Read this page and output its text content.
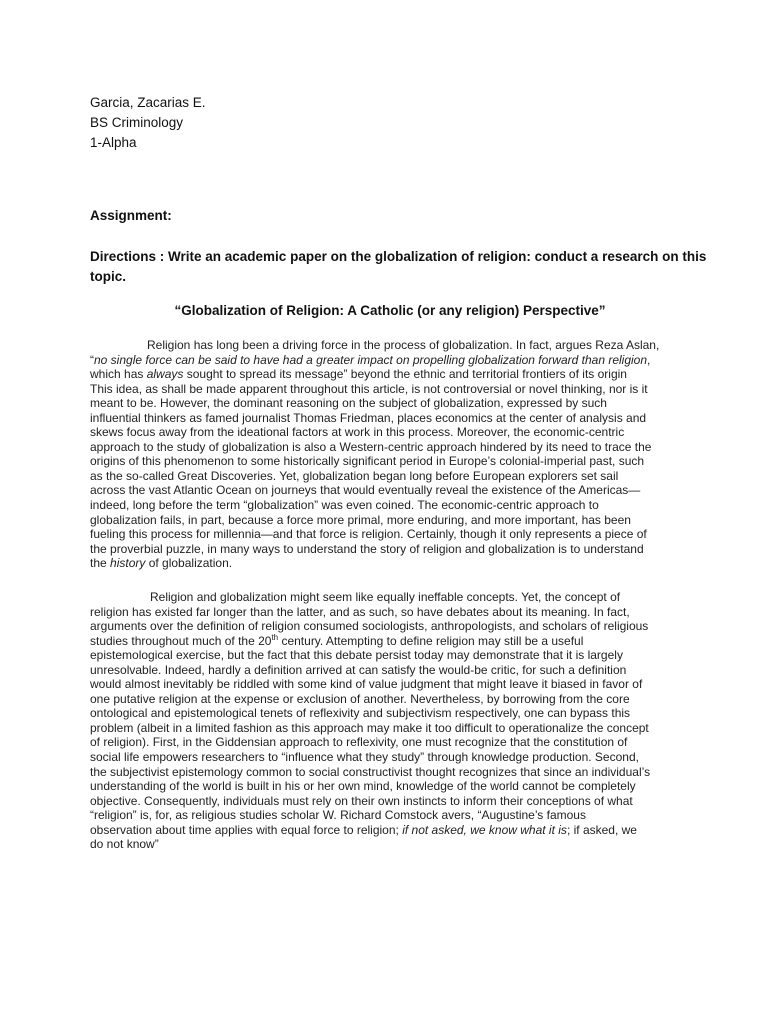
Garcia, Zacarias E.
BS Criminology
1-Alpha
Assignment:
Directions : Write an academic paper on the globalization of religion: conduct a research on this
topic.
“Globalization of Religion: A Catholic (or any religion) Perspective”
Religion has long been a driving force in the process of globalization. In fact, argues Reza Aslan,
“no single force can be said to have had a greater impact on propelling globalization forward than religion,
which has always sought to spread its message” beyond the ethnic and territorial frontiers of its origin
This idea, as shall be made apparent throughout this article, is not controversial or novel thinking, nor is it
meant to be. However, the dominant reasoning on the subject of globalization, expressed by such
influential thinkers as famed journalist Thomas Friedman, places economics at the center of analysis and
skews focus away from the ideational factors at work in this process. Moreover, the economic-centric
approach to the study of globalization is also a Western-centric approach hindered by its need to trace the
origins of this phenomenon to some historically significant period in Europe’s colonial-imperial past, such
as the so-called Great Discoveries. Yet, globalization began long before European explorers set sail
across the vast Atlantic Ocean on journeys that would eventually reveal the existence of the Americas—
indeed, long before the term “globalization” was even coined. The economic-centric approach to
globalization fails, in part, because a force more primal, more enduring, and more important, has been
fueling this process for millennia—and that force is religion. Certainly, though it only represents a piece of
the proverbial puzzle, in many ways to understand the story of religion and globalization is to understand
the history of globalization.
Religion and globalization might seem like equally ineffable concepts. Yet, the concept of
religion has existed far longer than the latter, and as such, so have debates about its meaning. In fact,
arguments over the definition of religion consumed sociologists, anthropologists, and scholars of religious
studies throughout much of the 20th century. Attempting to define religion may still be a useful
epistemological exercise, but the fact that this debate persist today may demonstrate that it is largely
unresolvable. Indeed, hardly a definition arrived at can satisfy the would-be critic, for such a definition
would almost inevitably be riddled with some kind of value judgment that might leave it biased in favor of
one putative religion at the expense or exclusion of another. Nevertheless, by borrowing from the core
ontological and epistemological tenets of reflexivity and subjectivism respectively, one can bypass this
problem (albeit in a limited fashion as this approach may make it too difficult to operationalize the concept
of religion). First, in the Giddensian approach to reflexivity, one must recognize that the constitution of
social life empowers researchers to “influence what they study” through knowledge production. Second,
the subjectivist epistemology common to social constructivist thought recognizes that since an individual’s
understanding of the world is built in his or her own mind, knowledge of the world cannot be completely
objective. Consequently, individuals must rely on their own instincts to inform their conceptions of what
“religion” is, for, as religious studies scholar W. Richard Comstock avers, “Augustine’s famous
observation about time applies with equal force to religion; if not asked, we know what it is; if asked, we
do not know”
